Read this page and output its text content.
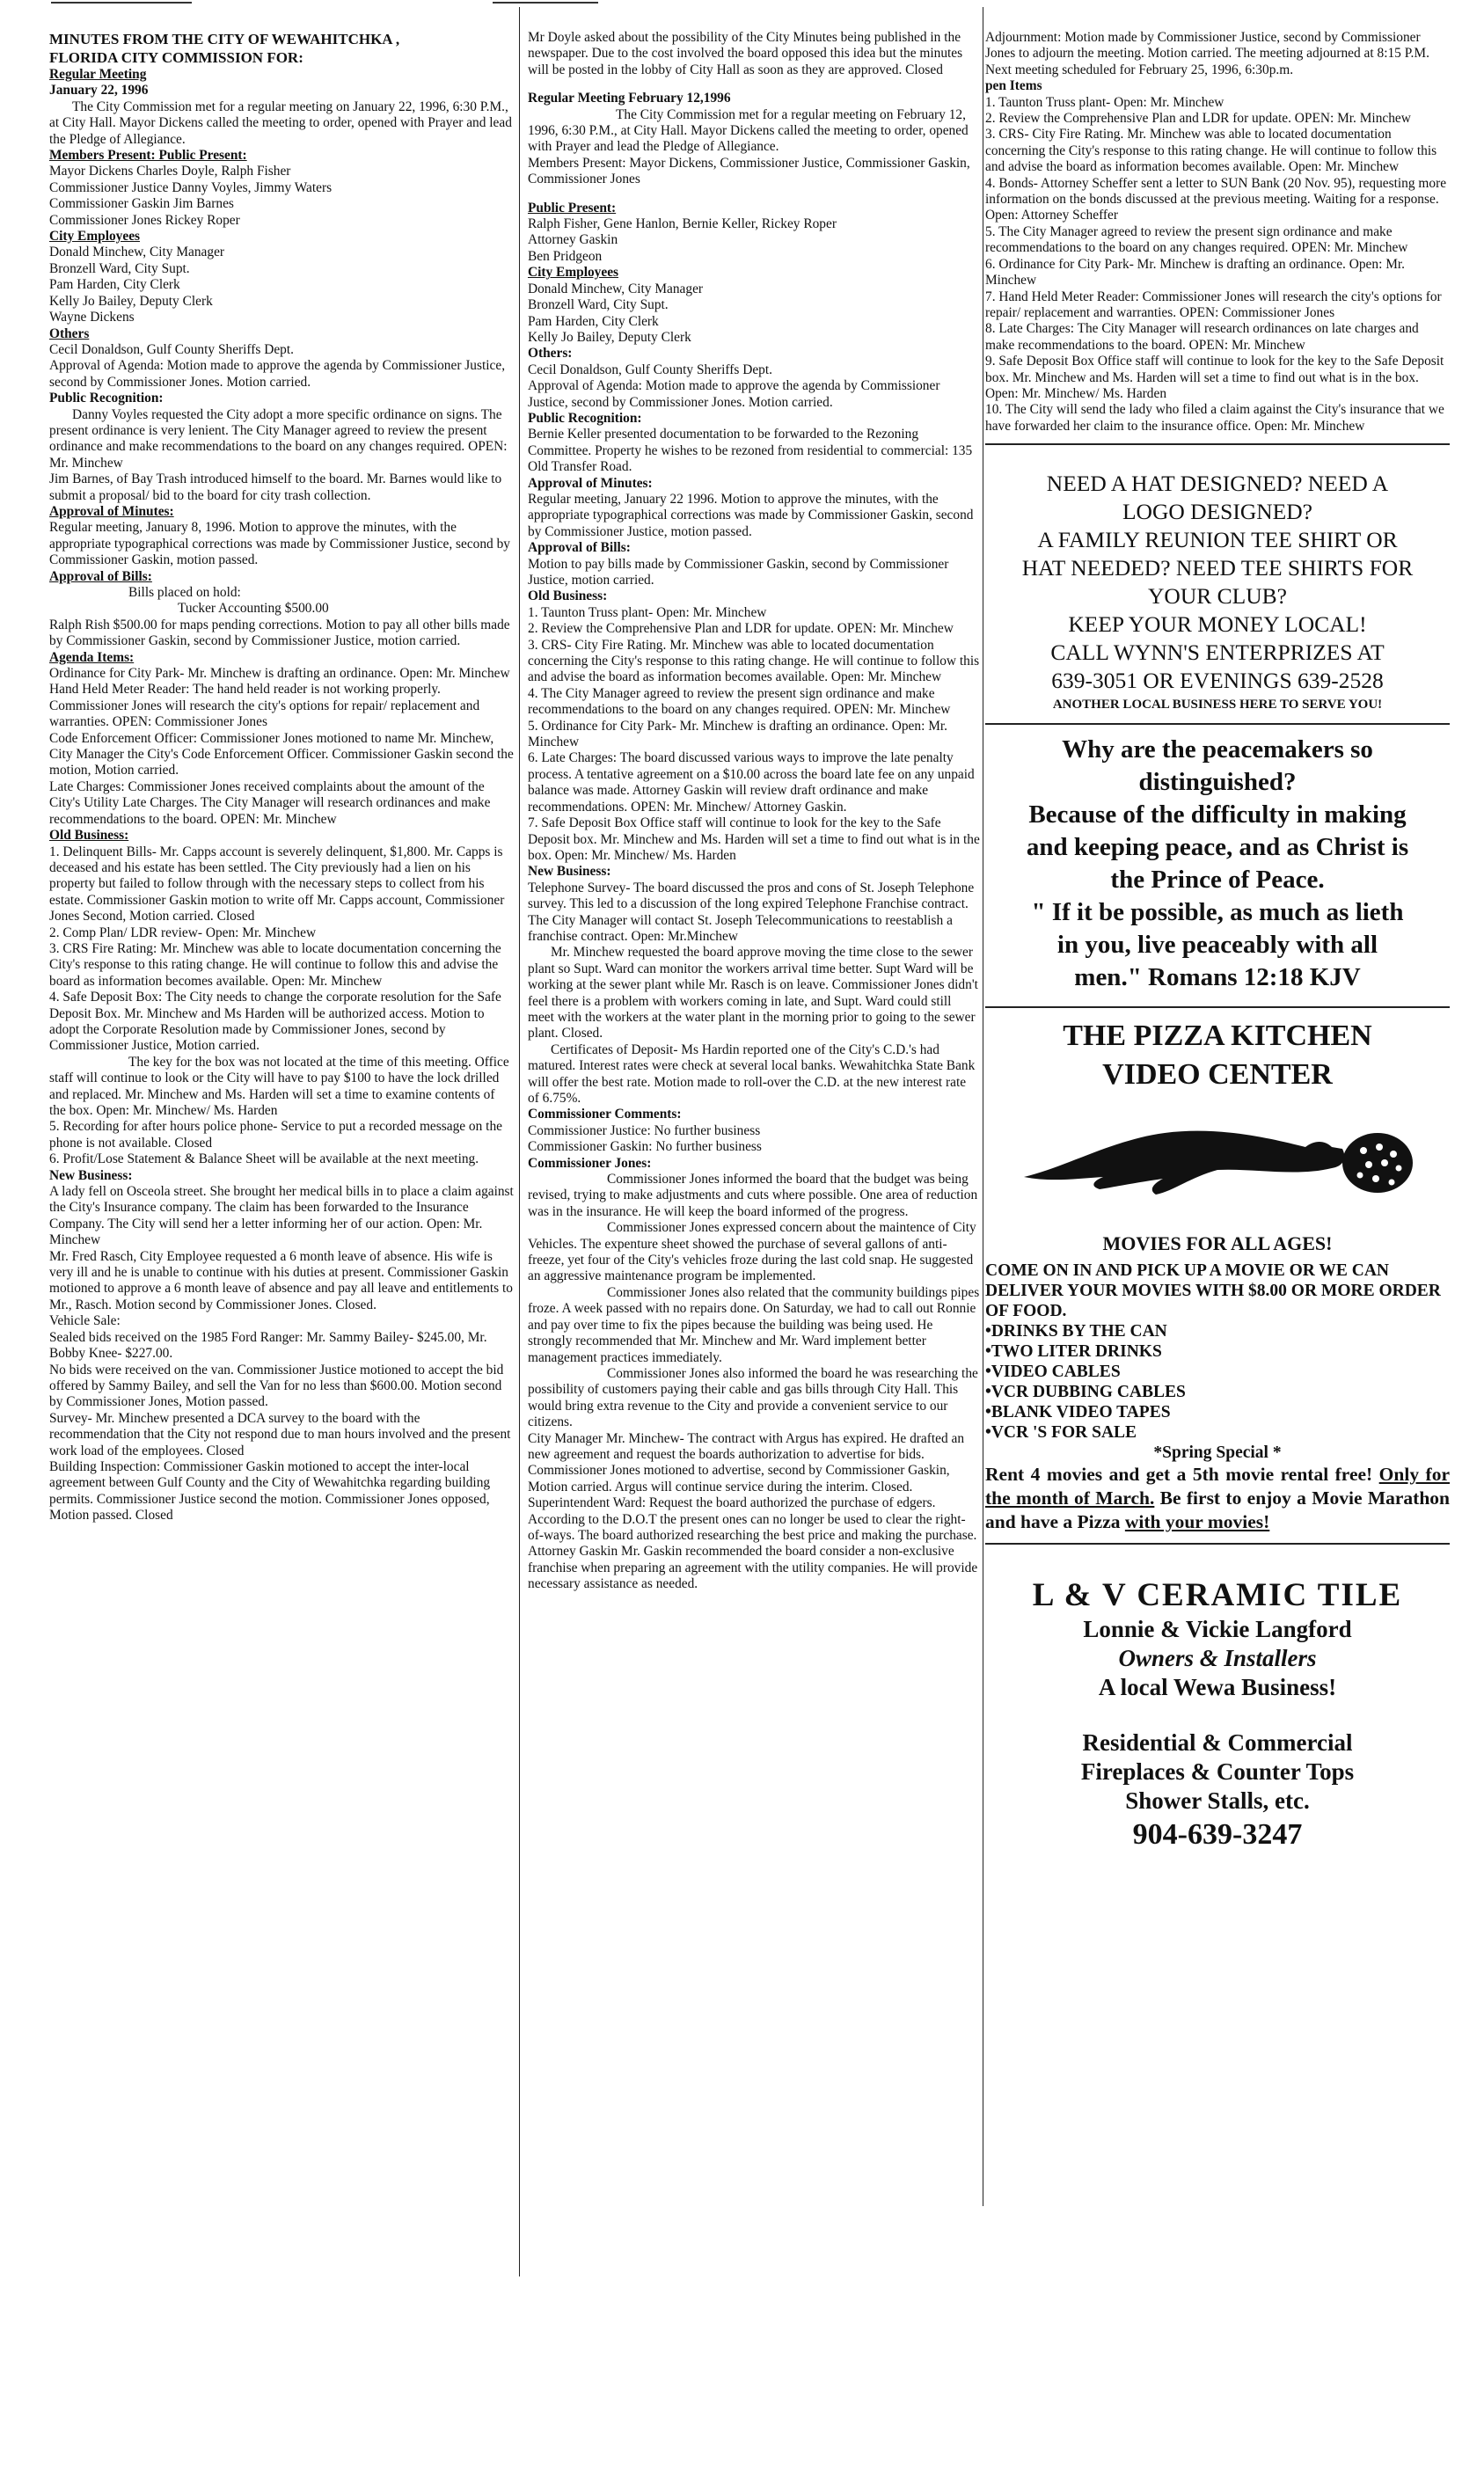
MINUTES FROM THE CITY OF WEWAHITCHKA ,

FLORIDA CITY COMMISSION FOR:

Regular Meeting

January 22, 1996

The City Commission met for a regular meeting on January 22, 1996, 6:30 P.M., at City Hall. Mayor Dickens called the meeting to order, opened with Prayer and lead the Pledge of Allegiance.

Members Present: Public Present:

Mayor Dickens Charles Doyle, Ralph Fisher

Commissioner Justice Danny Voyles, Jimmy Waters

Commissioner Gaskin Jim Barnes

Commissioner Jones Rickey Roper

City Employees

Donald Minchew, City Manager

Bronzell Ward, City Supt.

Pam Harden, City Clerk

Kelly Jo Bailey, Deputy Clerk

Wayne Dickens

Others

Cecil Donaldson, Gulf County Sheriffs Dept.

Approval of Agenda: Motion made to approve the agenda by Commissioner Justice, second by Commissioner Jones. Motion carried.

Public Recognition:

Danny Voyles requested the City adopt a more specific ordinance on signs. The present ordinance is very lenient. The City Manager agreed to review the present ordinance and make recommendations to the board on any changes required. OPEN: Mr. Minchew

Jim Barnes, of Bay Trash introduced himself to the board. Mr. Barnes would like to submit a proposal/ bid to the board for city trash collection.

Approval of Minutes:

Regular meeting, January 8, 1996. Motion to approve the minutes, with the appropriate typographical corrections was made by Commissioner Justice, second by Commissioner Gaskin, motion passed.

Approval of Bills:

Bills placed on hold:

Tucker Accounting $500.00

Ralph Rish $500.00 for maps pending corrections. Motion to pay all other bills made by Commissioner Gaskin, second by Commissioner Justice, motion carried.

Agenda Items:

Ordinance for City Park- Mr. Minchew is drafting an ordinance. Open: Mr. Minchew

Hand Held Meter Reader: The hand held reader is not working properly. Commissioner Jones will research the city's options for repair/ replacement and warranties. OPEN: Commissioner Jones

Code Enforcement Officer: Commissioner Jones motioned to name Mr. Minchew, City Manager the City's Code Enforcement Officer. Commissioner Gaskin second the motion, Motion carried.

Late Charges: Commissioner Jones received complaints about the amount of the City's Utility Late Charges. The City Manager will research ordinances and make recommendations to the board. OPEN: Mr. Minchew

Old Business:

1. Delinquent Bills- Mr. Capps account is severely delinquent, $1,800. Mr. Capps is deceased and his estate has been settled. The City previously had a lien on his property but failed to follow through with the necessary steps to collect from his estate. Commissioner Gaskin motion to write off Mr. Capps account, Commissioner Jones Second, Motion carried. Closed

2. Comp Plan/ LDR review- Open: Mr. Minchew

3. CRS Fire Rating: Mr. Minchew was able to locate documentation concerning the City's response to this rating change. He will continue to follow this and advise the board as information becomes available. Open: Mr. Minchew

4. Safe Deposit Box: The City needs to change the corporate resolution for the Safe Deposit Box. Mr. Minchew and Ms Harden will be authorized access. Motion to adopt the Corporate Resolution made by Commissioner Jones, second by Commissioner Justice, Motion carried.

The key for the box was not located at the time of this meeting. Office staff will continue to look or the City will have to pay $100 to have the lock drilled and replaced. Mr. Minchew and Ms. Harden will set a time to examine contents of the box. Open: Mr. Minchew/ Ms. Harden

5. Recording for after hours police phone- Service to put a recorded message on the phone is not available. Closed

6. Profit/Lose Statement & Balance Sheet will be available at the next meeting.

New Business:

A lady fell on Osceola street. She brought her medical bills in to place a claim against the City's Insurance company. The claim has been forwarded to the Insurance Company. The City will send her a letter informing her of our action. Open: Mr. Minchew

Mr. Fred Rasch, City Employee requested a 6 month leave of absence. His wife is very ill and he is unable to continue with his duties at present. Commissioner Gaskin motioned to approve a 6 month leave of absence and pay all leave and entitlements to Mr., Rasch. Motion second by Commissioner Jones. Closed.

Vehicle Sale:

Sealed bids received on the 1985 Ford Ranger: Mr. Sammy Bailey- $245.00, Mr. Bobby Knee- $227.00.

No bids were received on the van. Commissioner Justice motioned to accept the bid offered by Sammy Bailey, and sell the Van for no less than $600.00. Motion second by Commissioner Jones, Motion passed.

Survey- Mr. Minchew presented a DCA survey to the board with the recommendation that the City not respond due to man hours involved and the present work load of the employees. Closed

Building Inspection: Commissioner Gaskin motioned to accept the inter-local agreement between Gulf County and the City of Wewahitchka regarding building permits. Commissioner Justice second the motion. Commissioner Jones opposed, Motion passed. Closed

Mr Doyle asked about the possibility of the City Minutes being published in the newspaper. Due to the cost involved the board opposed this idea but the minutes will be posted in the lobby of City Hall as soon as they are approved. Closed

Regular Meeting February 12,1996

The City Commission met for a regular meeting on February 12, 1996, 6:30 P.M., at City Hall. Mayor Dickens called the meeting to order, opened with Prayer and lead the Pledge of Allegiance.

Members Present: Mayor Dickens, Commissioner Justice, Commissioner Gaskin, Commissioner Jones

Public Present:

Ralph Fisher, Gene Hanlon, Bernie Keller, Rickey Roper

Attorney Gaskin

Ben Pridgeon

City Employees

Donald Minchew, City Manager

Bronzell Ward, City Supt.

Pam Harden, City Clerk

Kelly Jo Bailey, Deputy Clerk

Others:

Cecil Donaldson, Gulf County Sheriffs Dept.

Approval of Agenda: Motion made to approve the agenda by Commissioner Justice, second by Commissioner Jones. Motion carried.

Public Recognition:

Bernie Keller presented documentation to be forwarded to the Rezoning Committee. Property he wishes to be rezoned from residential to commercial: 135 Old Transfer Road.

Approval of Minutes:

Regular meeting, January 22 1996. Motion to approve the minutes, with the appropriate typographical corrections was made by Commissioner Gaskin, second by Commissioner Justice, motion passed.

Approval of Bills:

Motion to pay bills made by Commissioner Gaskin, second by Commissioner Justice, motion carried.

Old Business:

1. Taunton Truss plant- Open: Mr. Minchew

2. Review the Comprehensive Plan and LDR for update. OPEN: Mr. Minchew

3. CRS- City Fire Rating. Mr. Minchew was able to located documentation concerning the City's response to this rating change. He will continue to follow this and advise the board as information becomes available. Open: Mr. Minchew

4. The City Manager agreed to review the present sign ordinance and make recommendations to the board on any changes required. OPEN: Mr. Minchew

5. Ordinance for City Park- Mr. Minchew is drafting an ordinance. Open: Mr. Minchew

6. Late Charges: The board discussed various ways to improve the late penalty process. A tentative agreement on a $10.00 across the board late fee on any unpaid balance was made. Attorney Gaskin will review draft ordinance and make recommendations. OPEN: Mr. Minchew/ Attorney Gaskin.

7. Safe Deposit Box Office staff will continue to look for the key to the Safe Deposit box. Mr. Minchew and Ms. Harden will set a time to find out what is in the box. Open: Mr. Minchew/ Ms. Harden

New Business:

Telephone Survey- The board discussed the pros and cons of St. Joseph Telephone survey. This led to a discussion of the long expired Telephone Franchise contract. The City Manager will contact St. Joseph Telecommunications to reestablish a franchise contract. Open: Mr.Minchew

Mr. Minchew requested the board approve moving the time close to the sewer plant so Supt. Ward can monitor the workers arrival time better. Supt Ward will be working at the sewer plant while Mr. Rasch is on leave. Commissioner Jones didn't feel there is a problem with workers coming in late, and Supt. Ward could still meet with the workers at the water plant in the morning prior to going to the sewer plant. Closed.

Certificates of Deposit- Ms Hardin reported one of the City's C.D.'s had matured. Interest rates were check at several local banks. Wewahitchka State Bank will offer the best rate. Motion made to roll-over the C.D. at the new interest rate of 6.75%.

Commissioner Comments:

Commissioner Justice: No further business

Commissioner Gaskin: No further business

Commissioner Jones:

Commissioner Jones informed the board that the budget was being revised, trying to make adjustments and cuts where possible. One area of reduction was in the insurance. He will keep the board informed of the progress.

Commissioner Jones expressed concern about the maintence of City Vehicles. The expenture sheet showed the purchase of several gallons of anti-freeze, yet four of the City's vehicles froze during the last cold snap. He suggested an aggressive maintenance program be implemented.

Commissioner Jones also related that the community buildings pipes froze. A week passed with no repairs done. On Saturday, we had to call out Ronnie and pay over time to fix the pipes because the building was being used. He strongly recommended that Mr. Minchew and Mr. Ward implement better management practices immediately.

Commissioner Jones also informed the board he was researching the possibility of customers paying their cable and gas bills through City Hall. This would bring extra revenue to the City and provide a convenient service to our citizens.

City Manager Mr. Minchew- The contract with Argus has expired. He drafted an new agreement and request the boards authorization to advertise for bids. Commissioner Jones motioned to advertise, second by Commissioner Gaskin, Motion carried. Argus will continue service during the interim. Closed.

Superintendent Ward: Request the board authorized the purchase of edgers. According to the D.O.T the present ones can no longer be used to clear the right-of-ways. The board authorized researching the best price and making the purchase.

Attorney Gaskin Mr. Gaskin recommended the board consider a non-exclusive franchise when preparing an agreement with the utility companies. He will provide necessary assistance as needed.

Adjournment: Motion made by Commissioner Justice, second by Commissioner Jones to adjourn the meeting. Motion carried. The meeting adjourned at 8:15 P.M. Next meeting scheduled for February 25, 1996, 6:30p.m.

pen Items

1. Taunton Truss plant- Open: Mr. Minchew

2. Review the Comprehensive Plan and LDR for update. OPEN: Mr. Minchew

3. CRS- City Fire Rating. Mr. Minchew was able to located documentation concerning the City's response to this rating change. He will continue to follow this and advise the board as information becomes available. Open: Mr. Minchew

4. Bonds- Attorney Scheffer sent a letter to SUN Bank (20 Nov. 95), requesting more information on the bonds discussed at the previous meeting. Waiting for a response. Open: Attorney Scheffer

5. The City Manager agreed to review the present sign ordinance and make recommendations to the board on any changes required. OPEN: Mr. Minchew

6. Ordinance for City Park- Mr. Minchew is drafting an ordinance. Open: Mr. Minchew

7. Hand Held Meter Reader: Commissioner Jones will research the city's options for repair/ replacement and warranties. OPEN: Commissioner Jones

8. Late Charges: The City Manager will research ordinances on late charges and make recommendations to the board. OPEN: Mr. Minchew

9. Safe Deposit Box Office staff will continue to look for the key to the Safe Deposit box. Mr. Minchew and Ms. Harden will set a time to find out what is in the box. Open: Mr. Minchew/ Ms. Harden

10. The City will send the lady who filed a claim against the City's insurance that we have forwarded her claim to the insurance office. Open: Mr. Minchew

NEED A HAT DESIGNED? NEED A
LOGO DESIGNED?
A FAMILY REUNION TEE SHIRT OR
HAT NEEDED? NEED TEE SHIRTS FOR
YOUR CLUB?
KEEP YOUR MONEY LOCAL!
CALL WYNN'S ENTERPRIZES AT
639-3051 OR EVENINGS 639-2528
ANOTHER LOCAL BUSINESS HERE TO SERVE YOU!
Why are the peacemakers so
distinguished?
Because of the difficulty in making
and keeping peace, and as Christ is
the Prince of Peace.
" If it be possible, as much as lieth
in you, live peaceably with all
men." Romans 12:18 KJV
THE PIZZA KITCHEN
VIDEO CENTER
MOVIES FOR ALL AGES!
COME ON IN AND PICK UP A MOVIE OR WE CAN DELIVER YOUR MOVIES WITH $8.00 OR MORE ORDER OF FOOD.
•DRINKS BY THE CAN
•TWO LITER DRINKS
•VIDEO CABLES
•VCR DUBBING CABLES
•BLANK VIDEO TAPES
•VCR 'S FOR SALE
*Spring Special *
Rent 4 movies and get a 5th movie rental free! Only for the month of March. Be first to enjoy a Movie Marathon and have a Pizza with your movies!
L & V CERAMIC TILE
Lonnie & Vickie Langford
Owners & Installers
A local Wewa Business!
Residential & Commercial
Fireplaces & Counter Tops
Shower Stalls, etc.
904-639-3247
